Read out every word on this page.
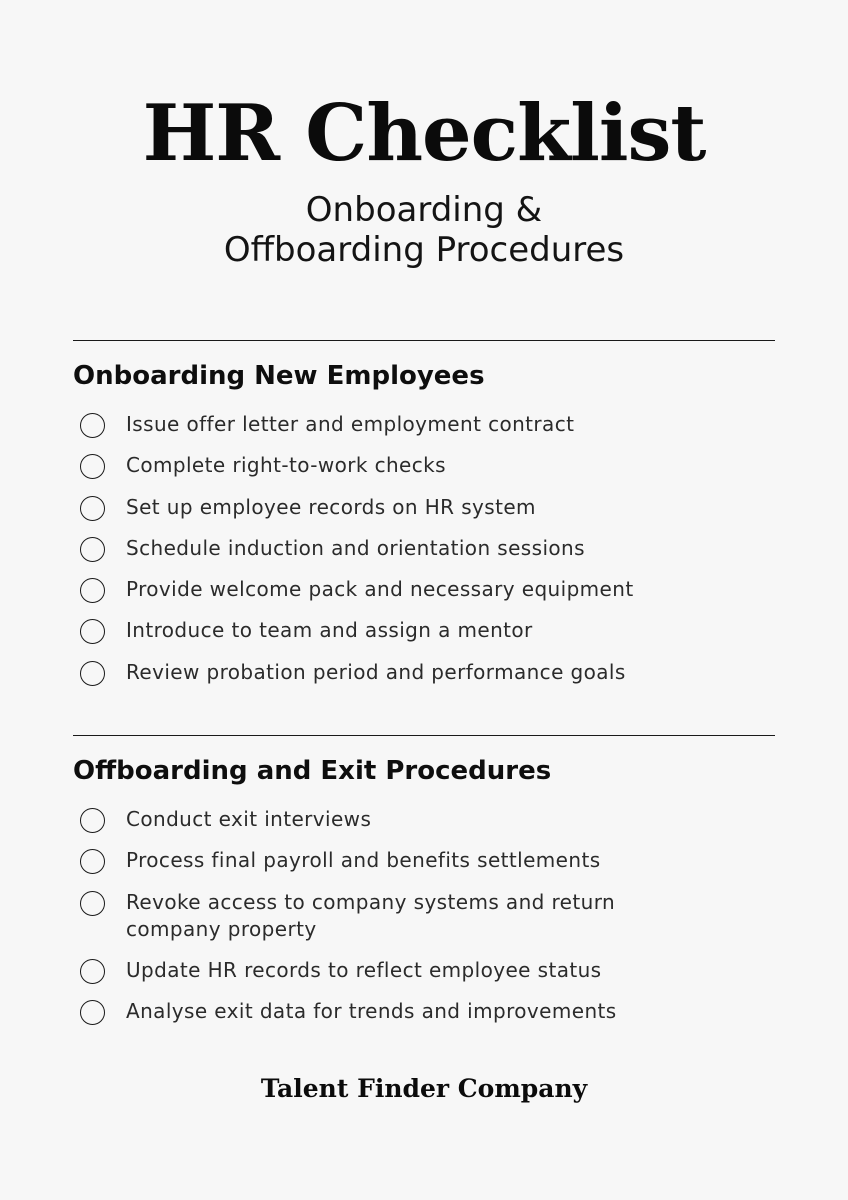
HR Checklist
Onboarding &
Offboarding Procedures
Onboarding New Employees
Issue offer letter and employment contract
Complete right-to-work checks
Set up employee records on HR system
Schedule induction and orientation sessions
Provide welcome pack and necessary equipment
Introduce to team and assign a mentor
Review probation period and performance goals
Offboarding and Exit Procedures
Conduct exit interviews
Process final payroll and benefits settlements
Revoke access to company systems and return company property
Update HR records to reflect employee status
Analyse exit data for trends and improvements
Talent Finder Company
